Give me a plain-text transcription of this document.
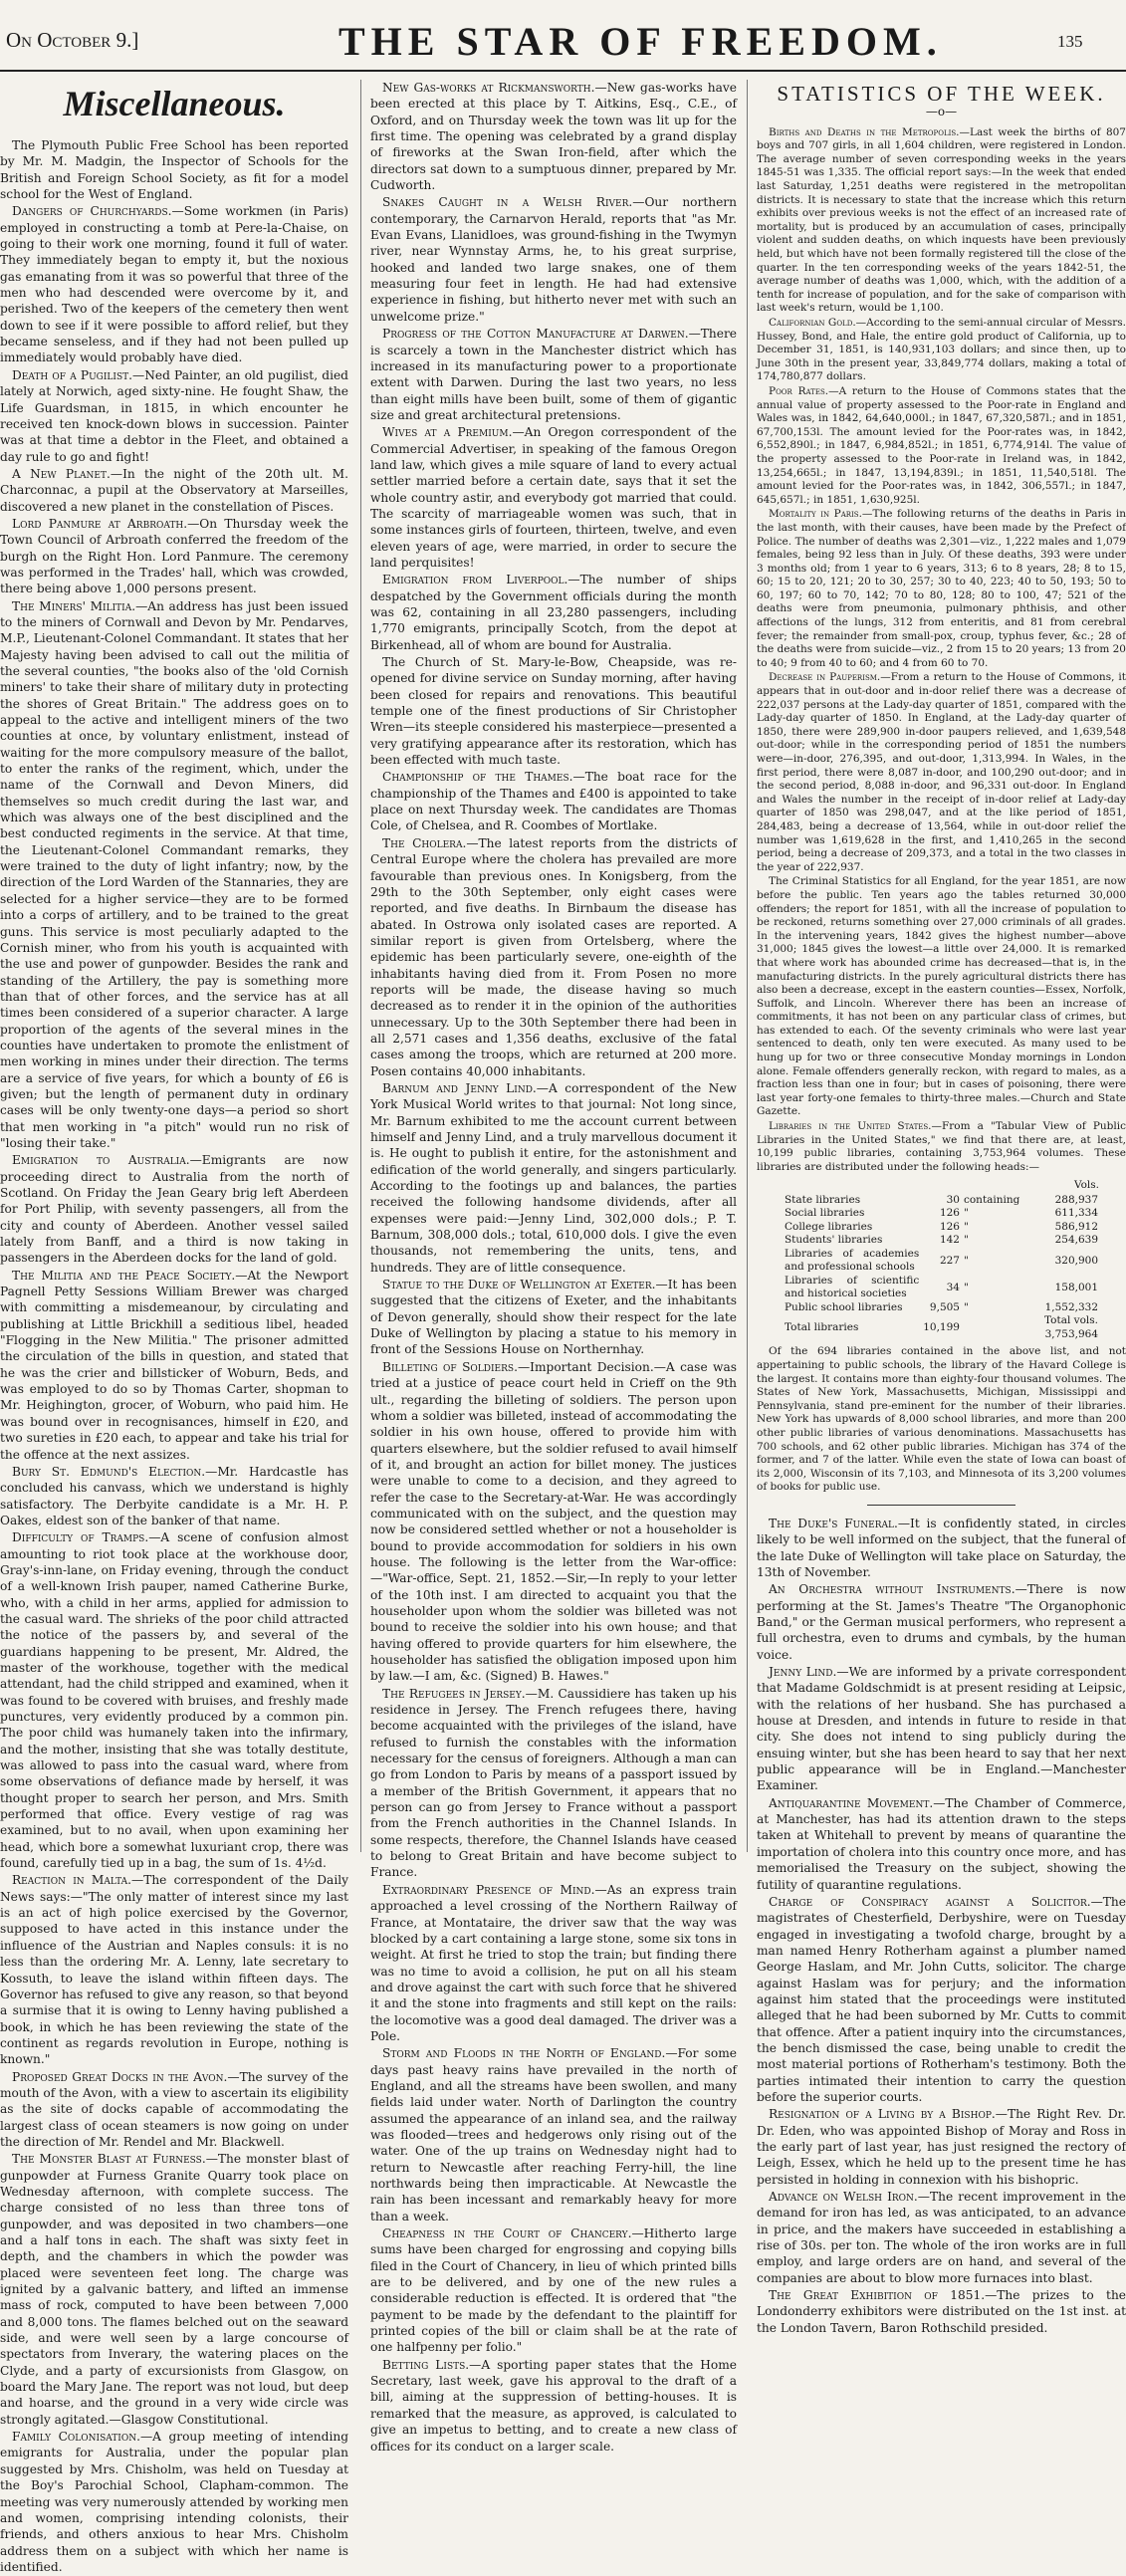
On October 9.]	THE STAR OF FREEDOM.	135
Miscellaneous.

The Plymouth Public Free School has been reported by Mr. M. Madgin, the Inspector of Schools for the British and Foreign School Society, as fit for a model school for the West of England.

Dangers of Churchyards.—Some workmen (in Paris) employed in constructing a tomb at Pere-la-Chaise, on going to their work one morning, found it full of water. They immediately began to empty it, but the noxious gas emanating from it was so powerful that three of the men who had descended were overcome by it, and perished. Two of the keepers of the cemetery then went down to see if it were possible to afford relief, but they became senseless, and if they had not been pulled up immediately would probably have died.

Death of a Pugilist.—Ned Painter, an old pugilist, died lately at Norwich, aged sixty-nine. He fought Shaw, the Life Guardsman, in 1815, in which encounter he received ten knock-down blows in succession. Painter was at that time a debtor in the Fleet, and obtained a day rule to go and fight!

A New Planet.—In the night of the 20th ult. M. Charconnac, a pupil at the Observatory at Marseilles, discovered a new planet in the constellation of Pisces.

Lord Panmure at Arbroath.—On Thursday week the Town Council of Arbroath conferred the freedom of the burgh on the Right Hon. Lord Panmure. The ceremony was performed in the Trades' hall, which was crowded, there being above 1,000 persons present.

The Miners' Militia.—An address has just been issued to the miners of Cornwall and Devon by Mr. Pendarves, M.P., Lieutenant-Colonel Commandant. It states that her Majesty having been advised to call out the militia of the several counties, "the books also of the 'old Cornish miners' to take their share of military duty in protecting the shores of Great Britain." The address goes on to appeal to the active and intelligent miners of the two counties at once, by voluntary enlistment, instead of waiting for the more compulsory measure of the ballot, to enter the ranks of the regiment, which, under the name of the Cornwall and Devon Miners, did themselves so much credit during the last war, and which was always one of the best disciplined and the best conducted regiments in the service. At that time, the Lieutenant-Colonel Commandant remarks, they were trained to the duty of light infantry; now, by the direction of the Lord Warden of the Stannaries, they are selected for a higher service—they are to be formed into a corps of artillery, and to be trained to the great guns. This service is most peculiarly adapted to the Cornish miner, who from his youth is acquainted with the use and power of gunpowder. Besides the rank and standing of the Artillery, the pay is something more than that of other forces, and the service has at all times been considered of a superior character. A large proportion of the agents of the several mines in the counties have undertaken to promote the enlistment of men working in mines under their direction. The terms are a service of five years, for which a bounty of £6 is given; but the length of permanent duty in ordinary cases will be only twenty-one days—a period so short that men working in "a pitch" would run no risk of "losing their take."

Emigration to Australia.—Emigrants are now proceeding direct to Australia from the north of Scotland. On Friday the Jean Geary brig left Aberdeen for Port Philip, with seventy passengers, all from the city and county of Aberdeen. Another vessel sailed lately from Banff, and a third is now taking in passengers in the Aberdeen docks for the land of gold.

The Militia and the Peace Society.—At the Newport Pagnell Petty Sessions William Brewer was charged with committing a misdemeanour, by circulating and publishing at Little Brickhill a seditious libel, headed "Flogging in the New Militia." The prisoner admitted the circulation of the bills in question, and stated that he was the crier and billsticker of Woburn, Beds, and was employed to do so by Thomas Carter, shopman to Mr. Heighington, grocer, of Woburn, who paid him. He was bound over in recognisances, himself in £20, and two sureties in £20 each, to appear and take his trial for the offence at the next assizes.

Bury St. Edmund's Election.—Mr. Hardcastle has concluded his canvass, which we understand is highly satisfactory. The Derbyite candidate is a Mr. H. P. Oakes, eldest son of the banker of that name.

Difficulty of Tramps.—A scene of confusion almost amounting to riot took place at the workhouse door, Gray's-inn-lane, on Friday evening, through the conduct of a well-known Irish pauper, named Catherine Burke, who, with a child in her arms, applied for admission to the casual ward. The shrieks of the poor child attracted the notice of the passers by, and several of the guardians happening to be present, Mr. Aldred, the master of the workhouse, together with the medical attendant, had the child stripped and examined, when it was found to be covered with bruises, and freshly made punctures, very evidently produced by a common pin. The poor child was humanely taken into the infirmary, and the mother, insisting that she was totally destitute, was allowed to pass into the casual ward, where from some observations of defiance made by herself, it was thought proper to search her person, and Mrs. Smith performed that office. Every vestige of rag was examined, but to no avail, when upon examining her head, which bore a somewhat luxuriant crop, there was found, carefully tied up in a bag, the sum of 1s. 4½d.

Reaction in Malta.—The correspondent of the Daily News says:—"The only matter of interest since my last is an act of high police exercised by the Governor, supposed to have acted in this instance under the influence of the Austrian and Naples consuls: it is no less than the ordering Mr. A. Lenny, late secretary to Kossuth, to leave the island within fifteen days. The Governor has refused to give any reason, so that beyond a surmise that it is owing to Lenny having published a book, in which he has been reviewing the state of the continent as regards revolution in Europe, nothing is known."

Proposed Great Docks in the Avon.—The survey of the mouth of the Avon, with a view to ascertain its eligibility as the site of docks capable of accommodating the largest class of ocean steamers is now going on under the direction of Mr. Rendel and Mr. Blackwell.

The Monster Blast at Furness.—The monster blast of gunpowder at Furness Granite Quarry took place on Wednesday afternoon, with complete success. The charge consisted of no less than three tons of gunpowder, and was deposited in two chambers—one and a half tons in each. The shaft was sixty feet in depth, and the chambers in which the powder was placed were seventeen feet long. The charge was ignited by a galvanic battery, and lifted an immense mass of rock, computed to have been between 7,000 and 8,000 tons. The flames belched out on the seaward side, and were well seen by a large concourse of spectators from Inverary, the watering places on the Clyde, and a party of excursionists from Glasgow, on board the Mary Jane. The report was not loud, but deep and hoarse, and the ground in a very wide circle was strongly agitated.—Glasgow Constitutional.

Family Colonisation.—A group meeting of intending emigrants for Australia, under the popular plan suggested by Mrs. Chisholm, was held on Tuesday at the Boy's Parochial School, Clapham-common. The meeting was very numerously attended by working men and women, comprising intending colonists, their friends, and others anxious to hear Mrs. Chisholm address them on a subject with which her name is identified.

New Gas-works at Rickmansworth.—New gas-works have been erected at this place by T. Aitkins, Esq., C.E., of Oxford, and on Thursday week the town was lit up for the first time. The opening was celebrated by a grand display of fireworks at the Swan Iron-field, after which the directors sat down to a sumptuous dinner, prepared by Mr. Cudworth.

Snakes Caught in a Welsh River.—Our northern contemporary, the Carnarvon Herald, reports that "as Mr. Evan Evans, Llanidloes, was ground-fishing in the Twymyn river, near Wynnstay Arms, he, to his great surprise, hooked and landed two large snakes, one of them measuring four feet in length. He had had extensive experience in fishing, but hitherto never met with such an unwelcome prize."

Progress of the Cotton Manufacture at Darwen.—There is scarcely a town in the Manchester district which has increased in its manufacturing power to a proportionate extent with Darwen. During the last two years, no less than eight mills have been built, some of them of gigantic size and great architectural pretensions.

Wives at a Premium.—An Oregon correspondent of the Commercial Advertiser, in speaking of the famous Oregon land law, which gives a mile square of land to every actual settler married before a certain date, says that it set the whole country astir, and everybody got married that could. The scarcity of marriageable women was such, that in some instances girls of fourteen, thirteen, twelve, and even eleven years of age, were married, in order to secure the land perquisites!

Emigration from Liverpool.—The number of ships despatched by the Government officials during the month was 62, containing in all 23,280 passengers, including 1,770 emigrants, principally Scotch, from the depot at Birkenhead, all of whom are bound for Australia.

The Church of St. Mary-le-Bow, Cheapside, was re-opened for divine service on Sunday morning, after having been closed for repairs and renovations. This beautiful temple one of the finest productions of Sir Christopher Wren—its steeple considered his masterpiece—presented a very gratifying appearance after its restoration, which has been effected with much taste.

Championship of the Thames.—The boat race for the championship of the Thames and £400 is appointed to take place on next Thursday week. The candidates are Thomas Cole, of Chelsea, and R. Coombes of Mortlake.

The Cholera.—The latest reports from the districts of Central Europe where the cholera has prevailed are more favourable than previous ones. In Konigsberg, from the 29th to the 30th September, only eight cases were reported, and five deaths. In Birnbaum the disease has abated. In Ostrowa only isolated cases are reported. A similar report is given from Ortelsberg, where the epidemic has been particularly severe, one-eighth of the inhabitants having died from it. From Posen no more reports will be made, the disease having so much decreased as to render it in the opinion of the authorities unnecessary. Up to the 30th September there had been in all 2,571 cases and 1,356 deaths, exclusive of the fatal cases among the troops, which are returned at 200 more. Posen contains 40,000 inhabitants.

Barnum and Jenny Lind.—A correspondent of the New York Musical World writes to that journal: Not long since, Mr. Barnum exhibited to me the account current between himself and Jenny Lind, and a truly marvellous document it is. He ought to publish it entire, for the astonishment and edification of the world generally, and singers particularly. According to the footings up and balances, the parties received the following handsome dividends, after all expenses were paid:—Jenny Lind, 302,000 dols.; P. T. Barnum, 308,000 dols.; total, 610,000 dols. I give the even thousands, not remembering the units, tens, and hundreds. They are of little consequence.

Statue to the Duke of Wellington at Exeter.—It has been suggested that the citizens of Exeter, and the inhabitants of Devon generally, should show their respect for the late Duke of Wellington by placing a statue to his memory in front of the Sessions House on Northernhay.

Billeting of Soldiers.—Important Decision.—A case was tried at a justice of peace court held in Crieff on the 9th ult., regarding the billeting of soldiers. The person upon whom a soldier was billeted, instead of accommodating the soldier in his own house, offered to provide him with quarters elsewhere, but the soldier refused to avail himself of it, and brought an action for billet money. The justices were unable to come to a decision, and they agreed to refer the case to the Secretary-at-War. He was accordingly communicated with on the subject, and the question may now be considered settled whether or not a householder is bound to provide accommodation for soldiers in his own house. The following is the letter from the War-office:—"War-office, Sept. 21, 1852.—Sir,—In reply to your letter of the 10th inst. I am directed to acquaint you that the householder upon whom the soldier was billeted was not bound to receive the soldier into his own house; and that having offered to provide quarters for him elsewhere, the householder has satisfied the obligation imposed upon him by law.—I am, &c. (Signed) B. Hawes."

The Refugees in Jersey.—M. Caussidiere has taken up his residence in Jersey. The French refugees there, having become acquainted with the privileges of the island, have refused to furnish the constables with the information necessary for the census of foreigners. Although a man can go from London to Paris by means of a passport issued by a member of the British Government, it appears that no person can go from Jersey to France without a passport from the French authorities in the Channel Islands. In some respects, therefore, the Channel Islands have ceased to belong to Great Britain and have become subject to France.

Extraordinary Presence of Mind.—As an express train approached a level crossing of the Northern Railway of France, at Montataire, the driver saw that the way was blocked by a cart containing a large stone, some six tons in weight. At first he tried to stop the train; but finding there was no time to avoid a collision, he put on all his steam and drove against the cart with such force that he shivered it and the stone into fragments and still kept on the rails: the locomotive was a good deal damaged. The driver was a Pole.

Storm and Floods in the North of England.—For some days past heavy rains have prevailed in the north of England, and all the streams have been swollen, and many fields laid under water. North of Darlington the country assumed the appearance of an inland sea, and the railway was flooded—trees and hedgerows only rising out of the water. One of the up trains on Wednesday night had to return to Newcastle after reaching Ferry-hill, the line northwards being then impracticable. At Newcastle the rain has been incessant and remarkably heavy for more than a week.

Cheapness in the Court of Chancery.—Hitherto large sums have been charged for engrossing and copying bills filed in the Court of Chancery, in lieu of which printed bills are to be delivered, and by one of the new rules a considerable reduction is effected. It is ordered that "the payment to be made by the defendant to the plaintiff for printed copies of the bill or claim shall be at the rate of one halfpenny per folio."

Betting Lists.—A sporting paper states that the Home Secretary, last week, gave his approval to the draft of a bill, aiming at the suppression of betting-houses. It is remarked that the measure, as approved, is calculated to give an impetus to betting, and to create a new class of offices for its conduct on a larger scale.

STATISTICS OF THE WEEK.
—o—

Births and Deaths in the Metropolis.—Last week the births of 807 boys and 707 girls, in all 1,604 children, were registered in London. The average number of seven corresponding weeks in the years 1845-51 was 1,335. The official report says:—In the week that ended last Saturday, 1,251 deaths were registered in the metropolitan districts. It is necessary to state that the increase which this return exhibits over previous weeks is not the effect of an increased rate of mortality, but is produced by an accumulation of cases, principally violent and sudden deaths, on which inquests have been previously held, but which have not been formally registered till the close of the quarter. In the ten corresponding weeks of the years 1842-51, the average number of deaths was 1,000, which, with the addition of a tenth for increase of population, and for the sake of comparison with last week's return, would be 1,100.

Californian Gold.—According to the semi-annual circular of Messrs. Hussey, Bond, and Hale, the entire gold product of California, up to December 31, 1851, is 140,931,103 dollars; and since then, up to June 30th in the present year, 33,849,774 dollars, making a total of 174,780,877 dollars.

Poor Rates.—A return to the House of Commons states that the annual value of property assessed to the Poor-rate in England and Wales was, in 1842, 64,640,000l.; in 1847, 67,320,587l.; and in 1851, 67,700,153l. The amount levied for the Poor-rates was, in 1842, 6,552,890l.; in 1847, 6,984,852l.; in 1851, 6,774,914l. The value of the property assessed to the Poor-rate in Ireland was, in 1842, 13,254,665l.; in 1847, 13,194,839l.; in 1851, 11,540,518l. The amount levied for the Poor-rates was, in 1842, 306,557l.; in 1847, 645,657l.; in 1851, 1,630,925l.

Mortality in Paris.—The following returns of the deaths in Paris in the last month, with their causes, have been made by the Prefect of Police. The number of deaths was 2,301—viz., 1,222 males and 1,079 females, being 92 less than in July. Of these deaths, 393 were under 3 months old; from 1 year to 6 years, 313; 6 to 8 years, 28; 8 to 15, 60; 15 to 20, 121; 20 to 30, 257; 30 to 40, 223; 40 to 50, 193; 50 to 60, 197; 60 to 70, 142; 70 to 80, 128; 80 to 100, 47; 521 of the deaths were from pneumonia, pulmonary phthisis, and other affections of the lungs, 312 from enteritis, and 81 from cerebral fever; the remainder from small-pox, croup, typhus fever, &c.; 28 of the deaths were from suicide—viz., 2 from 15 to 20 years; 13 from 20 to 40; 9 from 40 to 60; and 4 from 60 to 70.

Decrease in Pauperism.—From a return to the House of Commons, it appears that in out-door and in-door relief there was a decrease of 222,037 persons at the Lady-day quarter of 1851, compared with the Lady-day quarter of 1850. In England, at the Lady-day quarter of 1850, there were 289,900 in-door paupers relieved, and 1,639,548 out-door; while in the corresponding period of 1851 the numbers were—in-door, 276,395, and out-door, 1,313,994. In Wales, in the first period, there were 8,087 in-door, and 100,290 out-door; and in the second period, 8,088 in-door, and 96,331 out-door. In England and Wales the number in the receipt of in-door relief at Lady-day quarter of 1850 was 298,047, and at the like period of 1851, 284,483, being a decrease of 13,564, while in out-door relief the number was 1,619,628 in the first, and 1,410,265 in the second period, being a decrease of 209,373, and a total in the two classes in the year of 222,937.

The Criminal Statistics for all England, for the year 1851, are now before the public. Ten years ago the tables returned 30,000 offenders; the report for 1851, with all the increase of population to be reckoned, returns something over 27,000 criminals of all grades. In the intervening years, 1842 gives the highest number—above 31,000; 1845 gives the lowest—a little over 24,000. It is remarked that where work has abounded crime has decreased—that is, in the manufacturing districts. In the purely agricultural districts there has also been a decrease, except in the eastern counties—Essex, Norfolk, Suffolk, and Lincoln. Wherever there has been an increase of commitments, it has not been on any particular class of crimes, but has extended to each. Of the seventy criminals who were last year sentenced to death, only ten were executed. As many used to be hung up for two or three consecutive Monday mornings in London alone. Female offenders generally reckon, with regard to males, as a fraction less than one in four; but in cases of poisoning, there were last year forty-one females to thirty-three males.—Church and State Gazette.

Libraries in the United States.—From a "Tabular View of Public Libraries in the United States," we find that there are, at least, 10,199 public libraries, containing 3,753,964 volumes. These libraries are distributed under the following heads:—

			Vols.
State libraries	30	containing	288,937
Social libraries	126	"	611,334
College libraries	126	"	586,912
Students' libraries	142	"	254,639
Libraries of academies and professional schools	227	"	320,900
Libraries of scientific and historical societies	34	"	158,001
Public school libraries	9,505	"	1,552,332
Total libraries	10,199		Total vols. 3,753,964

Of the 694 libraries contained in the above list, and not appertaining to public schools, the library of the Havard College is the largest. It contains more than eighty-four thousand volumes. The States of New York, Massachusetts, Michigan, Mississippi and Pennsylvania, stand pre-eminent for the number of their libraries. New York has upwards of 8,000 school libraries, and more than 200 other public libraries of various denominations. Massachusetts has 700 schools, and 62 other public libraries. Michigan has 374 of the former, and 7 of the latter. While even the state of Iowa can boast of its 2,000, Wisconsin of its 7,103, and Minnesota of its 3,200 volumes of books for public use.

The Duke's Funeral.—It is confidently stated, in circles likely to be well informed on the subject, that the funeral of the late Duke of Wellington will take place on Saturday, the 13th of November.

An Orchestra without Instruments.—There is now performing at the St. James's Theatre "The Organophonic Band," or the German musical performers, who represent a full orchestra, even to drums and cymbals, by the human voice.

Jenny Lind.—We are informed by a private correspondent that Madame Goldschmidt is at present residing at Leipsic, with the relations of her husband. She has purchased a house at Dresden, and intends in future to reside in that city. She does not intend to sing publicly during the ensuing winter, but she has been heard to say that her next public appearance will be in England.—Manchester Examiner.

Antiquarantine Movement.—The Chamber of Commerce, at Manchester, has had its attention drawn to the steps taken at Whitehall to prevent by means of quarantine the importation of cholera into this country once more, and has memorialised the Treasury on the subject, showing the futility of quarantine regulations.

Charge of Conspiracy against a Solicitor.—The magistrates of Chesterfield, Derbyshire, were on Tuesday engaged in investigating a twofold charge, brought by a man named Henry Rotherham against a plumber named George Haslam, and Mr. John Cutts, solicitor. The charge against Haslam was for perjury; and the information against him stated that the proceedings were instituted alleged that he had been suborned by Mr. Cutts to commit that offence. After a patient inquiry into the circumstances, the bench dismissed the case, being unable to credit the most material portions of Rotherham's testimony. Both the parties intimated their intention to carry the question before the superior courts.

Resignation of a Living by a Bishop.—The Right Rev. Dr. Dr. Eden, who was appointed Bishop of Moray and Ross in the early part of last year, has just resigned the rectory of Leigh, Essex, which he held up to the present time he has persisted in holding in connexion with his bishopric.

Advance on Welsh Iron.—The recent improvement in the demand for iron has led, as was anticipated, to an advance in price, and the makers have succeeded in establishing a rise of 30s. per ton. The whole of the iron works are in full employ, and large orders are on hand, and several of the companies are about to blow more furnaces into blast.

The Great Exhibition of 1851.—The prizes to the Londonderry exhibitors were distributed on the 1st inst. at the London Tavern, Baron Rothschild presided.
